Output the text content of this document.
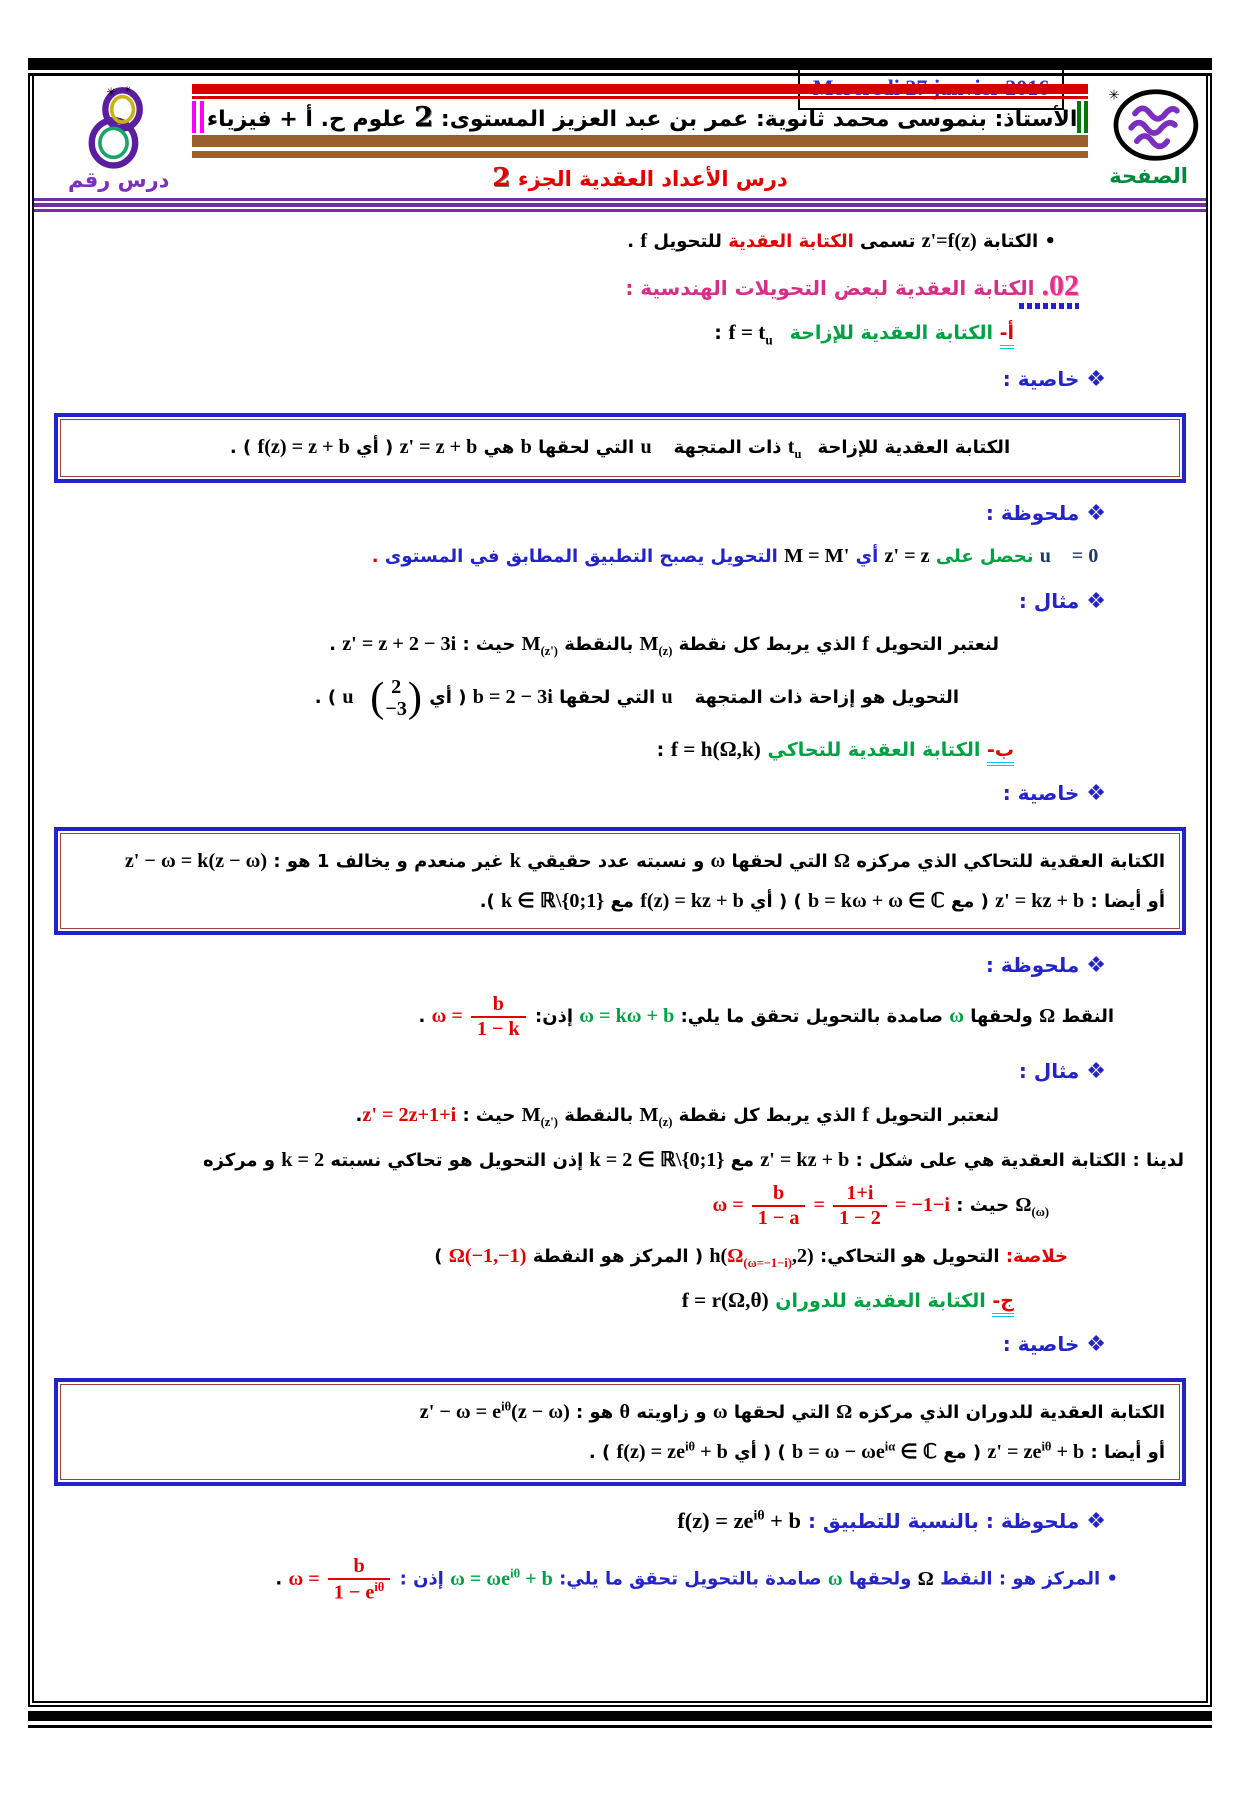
✳ ✳
درس رقم
الأستاذ: بنموسى محمد ثانوية: عمر بن عبد العزيز المستوى: 2 علوم ح. أ + فيزياء
درس الأعداد العقدية الجزء 2
✳
الصفحة
• الكتابة z'=f(z) تسمى الكتابة العقدية للتحويل f .
02. الكتابة العقدية لبعض التحويلات الهندسية :
أ- الكتابة العقدية للإزاحة $f = t_{u⃗}$ :
❖ خاصية :
الكتابة العقدية للإزاحة $t_{u⃗}$ ذات المتجهة u⃗ التي لحقها b هي z' = z + b ( أي f(z) = z + b ) .
❖ ملحوظة :
u⃗ = 0⃗ نحصل على z' = z أي M = M' التحويل يصبح التطبيق المطابق في المستوى .
❖ مثال :
لنعتبر التحويل f الذي يربط كل نقطة $M_{(z)}$ بالنقطة $M_{(z')}$ حيث : z' = z + 2 − 3i .
التحويل هو إزاحة ذات المتجهة u⃗ التي لحقها b = 2 − 3i ( أي u⃗( 2
−3 ) ) .
ب- الكتابة العقدية للتحاكي f = h(Ω,k) :
❖ خاصية :
الكتابة العقدية للتحاكي الذي مركزه Ω التي لحقها ω و نسبته عدد حقيقي k غير منعدم و يخالف 1 هو : z' − ω = k(z − ω)
أو أيضا : z' = kz + b ( مع b = kω + ω ∈ ℂ ) ( أي f(z) = kz + b مع k ∈ ℝ\{0;1} ).
❖ ملحوظة :
النقط Ω ولحقها ω صامدة بالتحويل تحقق ما يلي: ω = kω + b إذن: $\omega = \frac{b}{1 - k}$
.
❖ مثال :
لنعتبر التحويل f الذي يربط كل نقطة $M_{(z)}$ بالنقطة $M_{(z')}$ حيث : z' = 2z+1+i.
لدينا : الكتابة العقدية هي على شكل : z' = kz + b مع k = 2 ∈ ℝ\{0;1} إذن التحويل هو تحاكي نسبته k = 2 و مركزه
$\Omega_{(\omega)}$ حيث : $\omega = \frac{b}{1 - a} = \frac{1+i}{1 - 2} = -1-i$
خلاصة: التحويل هو التحاكي: $h(\Omega_{(\omega=-1-i)},2)$ ( المركز هو النقطة Ω(−1,−1) )
ج- الكتابة العقدية للدوران f = r(Ω,θ)
❖ خاصية :
الكتابة العقدية للدوران الذي مركزه Ω التي لحقها ω و زاويته θ هو : $z' - \omega = e^{i\theta}(z - \omega)$
أو أيضا : $z' = ze^{i\theta} + b$ ( مع $b = \omega - \omega e^{i\alpha}$ ∈ ℂ ) ( أي $f(z) = ze^{i\theta} + b$ ) .
❖ ملحوظة : بالنسبة للتطبيق : $f(z) = ze^{i\theta} + b$
• المركز هو : النقط Ω ولحقها ω صامدة بالتحويل تحقق ما يلي: $\omega = \omega e^{i\theta} + b$ إذن : $\omega = \frac{b}{1 - e^{i\theta}}$
.
